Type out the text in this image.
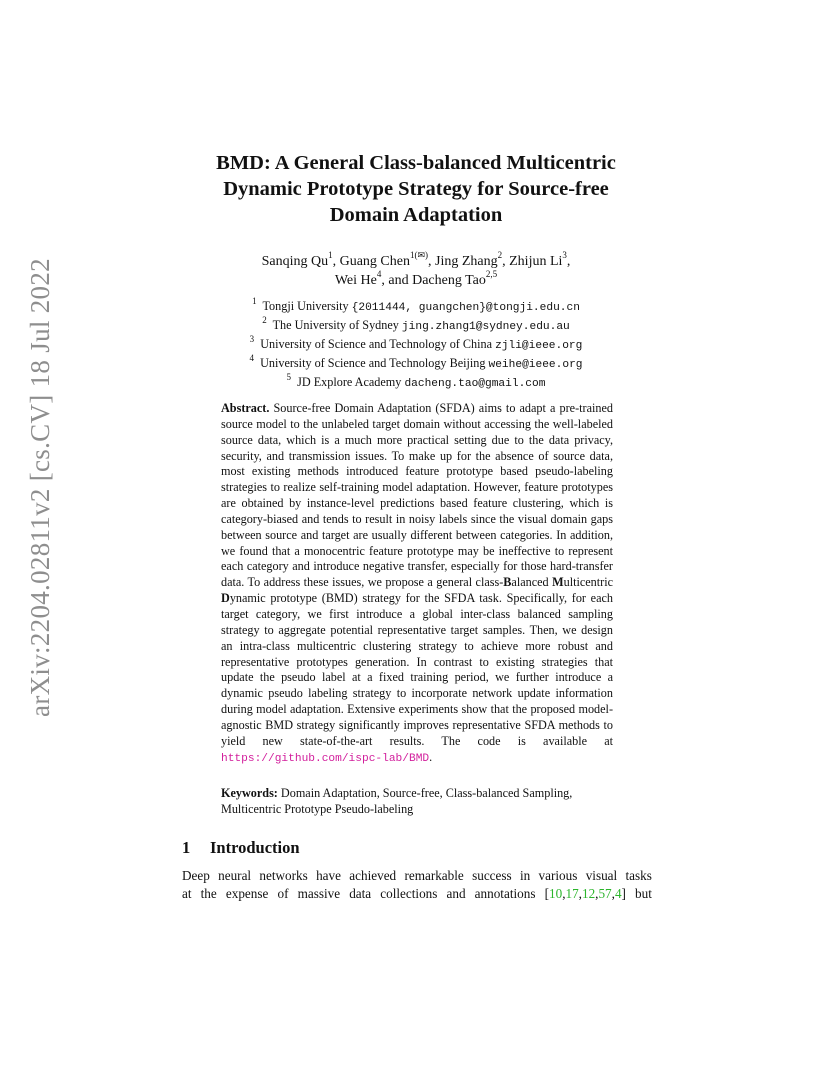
arXiv:2204.02811v2 [cs.CV] 18 Jul 2022
BMD: A General Class-balanced Multicentric
Dynamic Prototype Strategy for Source-free
Domain Adaptation
Sanqing Qu$^1$, Guang Chen$^{1(✉)}$, Jing Zhang$^2$, Zhijun Li$^3$,
Wei He$^4$, and Dacheng Tao$^{2,5}$
$^1$ Tongji University {2011444, guangchen}@tongji.edu.cn
$^2$ The University of Sydney jing.zhang1@sydney.edu.au
$^3$ University of Science and Technology of China zjli@ieee.org
$^4$ University of Science and Technology Beijing weihe@ieee.org
$^5$ JD Explore Academy dacheng.tao@gmail.com
Abstract. Source-free Domain Adaptation (SFDA) aims to adapt a pre-trained source model to the unlabeled target domain without accessing the well-labeled source data, which is a much more practical setting due to the data privacy, security, and transmission issues. To make up for the absence of source data, most existing methods introduced feature prototype based pseudo-labeling strategies to realize self-training model adaptation. However, feature prototypes are obtained by instance-level predictions based feature clustering, which is category-biased and tends to result in noisy labels since the visual domain gaps between source and target are usually different between categories. In addition, we found that a monocentric feature prototype may be ineffective to represent each category and introduce negative transfer, especially for those hard-transfer data. To address these issues, we propose a general class-Balanced Multicentric Dynamic prototype (BMD) strategy for the SFDA task. Specifically, for each target category, we first introduce a global inter-class balanced sampling strategy to aggregate potential representative target samples. Then, we design an intra-class multicentric clustering strategy to achieve more robust and representative prototypes generation. In contrast to existing strategies that update the pseudo label at a fixed training period, we further introduce a dynamic pseudo labeling strategy to incorporate network update information during model adaptation. Extensive experiments show that the proposed model-agnostic BMD strategy significantly improves representative SFDA methods to yield new state-of-the-art results. The code is available at https://github.com/ispc-lab/BMD.
Keywords: Domain Adaptation, Source-free, Class-balanced Sampling, Multicentric Prototype Pseudo-labeling
1 Introduction
Deep neural networks have achieved remarkable success in various visual tasks
at the expense of massive data collections and annotations [10,17,12,57,4] but
